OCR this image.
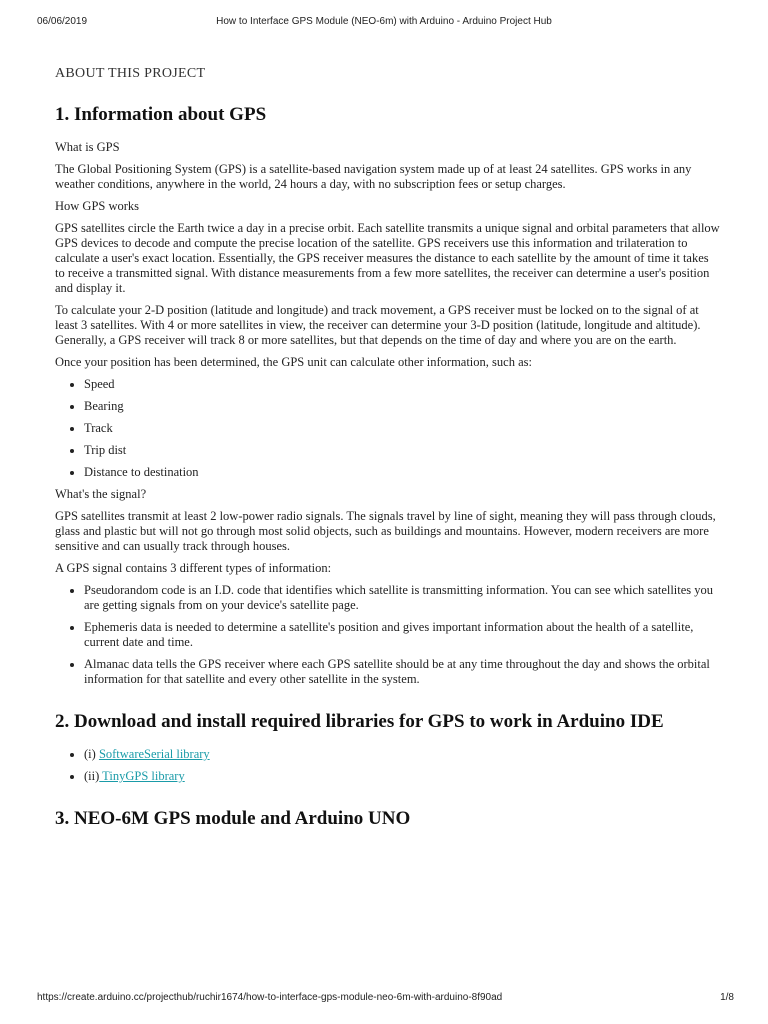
06/06/2019	How to Interface GPS Module (NEO-6m) with Arduino - Arduino Project Hub
ABOUT THIS PROJECT
1. Information about GPS

What is GPS

The Global Positioning System (GPS) is a satellite-based navigation system made up of at least 24 satellites. GPS works in any weather conditions, anywhere in the world, 24 hours a day, with no subscription fees or setup charges.

How GPS works

GPS satellites circle the Earth twice a day in a precise orbit. Each satellite transmits a unique signal and orbital parameters that allow GPS devices to decode and compute the precise location of the satellite. GPS receivers use this information and trilateration to calculate a user's exact location. Essentially, the GPS receiver measures the distance to each satellite by the amount of time it takes to receive a transmitted signal. With distance measurements from a few more satellites, the receiver can determine a user's position and display it.

To calculate your 2-D position (latitude and longitude) and track movement, a GPS receiver must be locked on to the signal of at least 3 satellites. With 4 or more satellites in view, the receiver can determine your 3-D position (latitude, longitude and altitude). Generally, a GPS receiver will track 8 or more satellites, but that depends on the time of day and where you are on the earth.

Once your position has been determined, the GPS unit can calculate other information, such as:

• Speed
• Bearing
• Track
• Trip dist
• Distance to destination

What's the signal?

GPS satellites transmit at least 2 low-power radio signals. The signals travel by line of sight, meaning they will pass through clouds, glass and plastic but will not go through most solid objects, such as buildings and mountains. However, modern receivers are more sensitive and can usually track through houses.

A GPS signal contains 3 different types of information:

• Pseudorandom code is an I.D. code that identifies which satellite is transmitting information. You can see which satellites you are getting signals from on your device's satellite page.
• Ephemeris data is needed to determine a satellite's position and gives important information about the health of a satellite, current date and time.
• Almanac data tells the GPS receiver where each GPS satellite should be at any time throughout the day and shows the orbital information for that satellite and every other satellite in the system.
2. Download and install required libraries for GPS to work in Arduino IDE
• (i) SoftwareSerial library
• (ii) TinyGPS library
3. NEO-6M GPS module and Arduino UNO
https://create.arduino.cc/projecthub/ruchir1674/how-to-interface-gps-module-neo-6m-with-arduino-8f90ad	1/8
